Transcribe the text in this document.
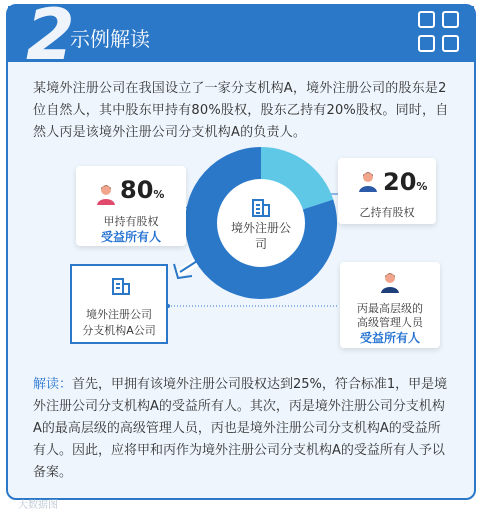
2
示例解读
某境外注册公司在我国设立了一家分支机构A，境外注册公司的股东是2位自然人，其中股东甲持有80%股权，股东乙持有20%股权。同时，自然人丙是该境外注册公司分支机构A的负责人。
境外注册公司
80%
甲持有股权
受益所有人
20%
乙持有股权
境外注册公司
分支机构A公司
丙最高层级的
高级管理人员
受益所有人
解读：首先，甲拥有该境外注册公司股权达到25%，符合标准1，甲是境外注册公司分支机构A的受益所有人。其次，丙是境外注册公司分支机构A的最高层级的高级管理人员，丙也是境外注册公司分支机构A的受益所有人。因此，应将甲和丙作为境外注册公司分支机构A的受益所有人予以备案。
大数据图
